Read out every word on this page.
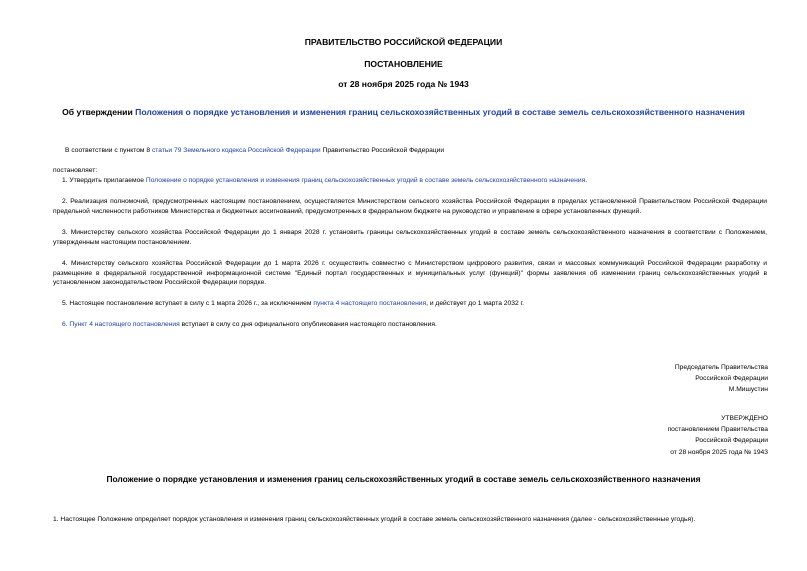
ПРАВИТЕЛЬСТВО РОССИЙСКОЙ ФЕДЕРАЦИИ
ПОСТАНОВЛЕНИЕ
от 28 ноября 2025 года № 1943
Об утверждении Положения о порядке установления и изменения границ сельскохозяйственных угодий в составе земель сельскохозяйственного назначения
В соответствии с пунктом 8 статьи 79 Земельного кодекса Российской Федерации Правительство Российской Федерации
постановляет:
1. Утвердить прилагаемое Положение о порядке установления и изменения границ сельскохозяйственных угодий в составе земель сельскохозяйственного назначения.
2. Реализация полномочий, предусмотренных настоящим постановлением, осуществляется Министерством сельского хозяйства Российской Федерации в пределах установленной Правительством Российской Федерации предельной численности работников Министерства и бюджетных ассигнований, предусмотренных в федеральном бюджете на руководство и управление в сфере установленных функций.
3. Министерству сельского хозяйства Российской Федерации до 1 января 2028 г. установить границы сельскохозяйственных угодий в составе земель сельскохозяйственного назначения в соответствии с Положением, утвержденным настоящим постановлением.
4. Министерству сельского хозяйства Российской Федерации до 1 марта 2026 г. осуществить совместно с Министерством цифрового развития, связи и массовых коммуникаций Российской Федерации разработку и размещение в федеральной государственной информационной системе "Единый портал государственных и муниципальных услуг (функций)" формы заявления об изменении границ сельскохозяйственных угодий в установленном законодательством Российской Федерации порядке.
5. Настоящее постановление вступает в силу с 1 марта 2026 г., за исключением пункта 4 настоящего постановления, и действует до 1 марта 2032 г.
6. Пункт 4 настоящего постановления вступает в силу со дня официального опубликования настоящего постановления.
Председатель Правительства
Российской Федерации
М.Мишустин
УТВЕРЖДЕНО
постановлением Правительства
Российской Федерации
от 28 ноября 2025 года № 1943
Положение о порядке установления и изменения границ сельскохозяйственных угодий в составе земель сельскохозяйственного назначения
1. Настоящее Положение определяет порядок установления и изменения границ сельскохозяйственных угодий в составе земель сельскохозяйственного назначения (далее - сельскохозяйственные угодья).
